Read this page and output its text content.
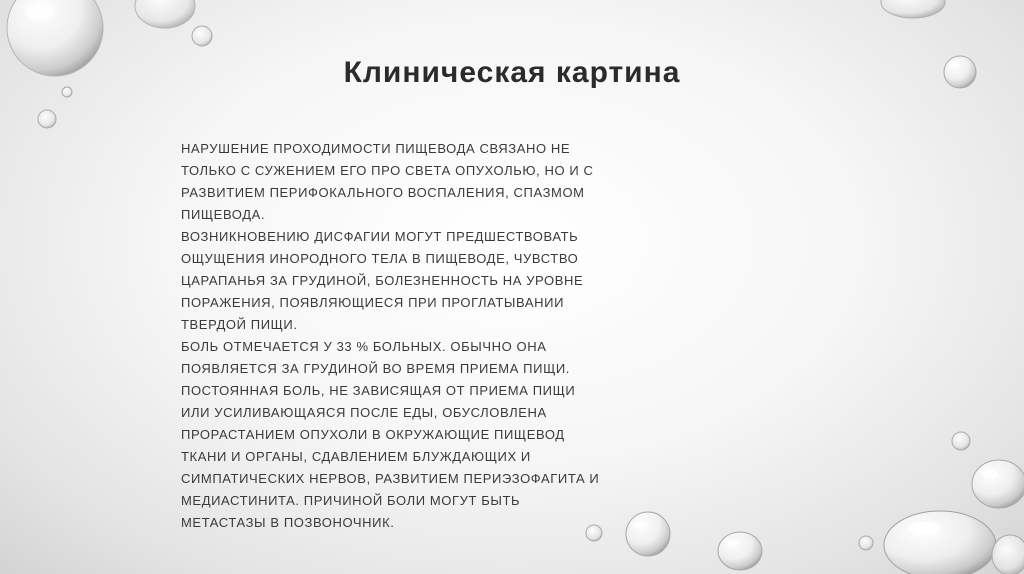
Клиническая картина

НАРУШЕНИЕ ПРОХОДИМОСТИ ПИЩЕВОДА СВЯЗАНО НЕ ТОЛЬКО С СУЖЕНИЕМ ЕГО ПРО СВЕТА ОПУХОЛЬЮ, НО И С РАЗВИТИЕМ ПЕРИФОКАЛЬНОГО ВОСПАЛЕНИЯ, СПАЗМОМ ПИЩЕВОДА.

ВОЗНИКНОВЕНИЮ ДИСФАГИИ МОГУТ ПРЕДШЕСТВОВАТЬ ОЩУЩЕНИЯ ИНОРОДНОГО ТЕЛА В ПИЩЕВОДЕ, ЧУВСТВО ЦАРАПАНЬЯ ЗА ГРУДИНОЙ, БОЛЕЗНЕННОСТЬ НА УРОВНЕ ПОРАЖЕНИЯ, ПОЯВЛЯЮЩИЕСЯ ПРИ ПРОГЛАТЫВАНИИ ТВЕРДОЙ ПИЩИ.

БОЛЬ ОТМЕЧАЕТСЯ У 33 % БОЛЬНЫХ. ОБЫЧНО ОНА ПОЯВЛЯЕТСЯ ЗА ГРУДИНОЙ ВО ВРЕМЯ ПРИЕМА ПИЩИ. ПОСТОЯННАЯ БОЛЬ, НЕ ЗАВИСЯЩАЯ ОТ ПРИЕМА ПИЩИ ИЛИ УСИЛИВАЮЩАЯСЯ ПОСЛЕ ЕДЫ, ОБУСЛОВЛЕНА ПРОРАСТАНИЕМ ОПУХОЛИ В ОКРУЖАЮЩИЕ ПИЩЕВОД ТКАНИ И ОРГАНЫ, СДАВЛЕНИЕМ БЛУЖДАЮЩИХ И СИМПАТИЧЕСКИХ НЕРВОВ, РАЗВИТИЕМ ПЕРИЭЗОФАГИТА И МЕДИАСТИНИТА. ПРИЧИНОЙ БОЛИ МОГУТ БЫТЬ МЕТАСТАЗЫ В ПОЗВОНОЧНИК.
